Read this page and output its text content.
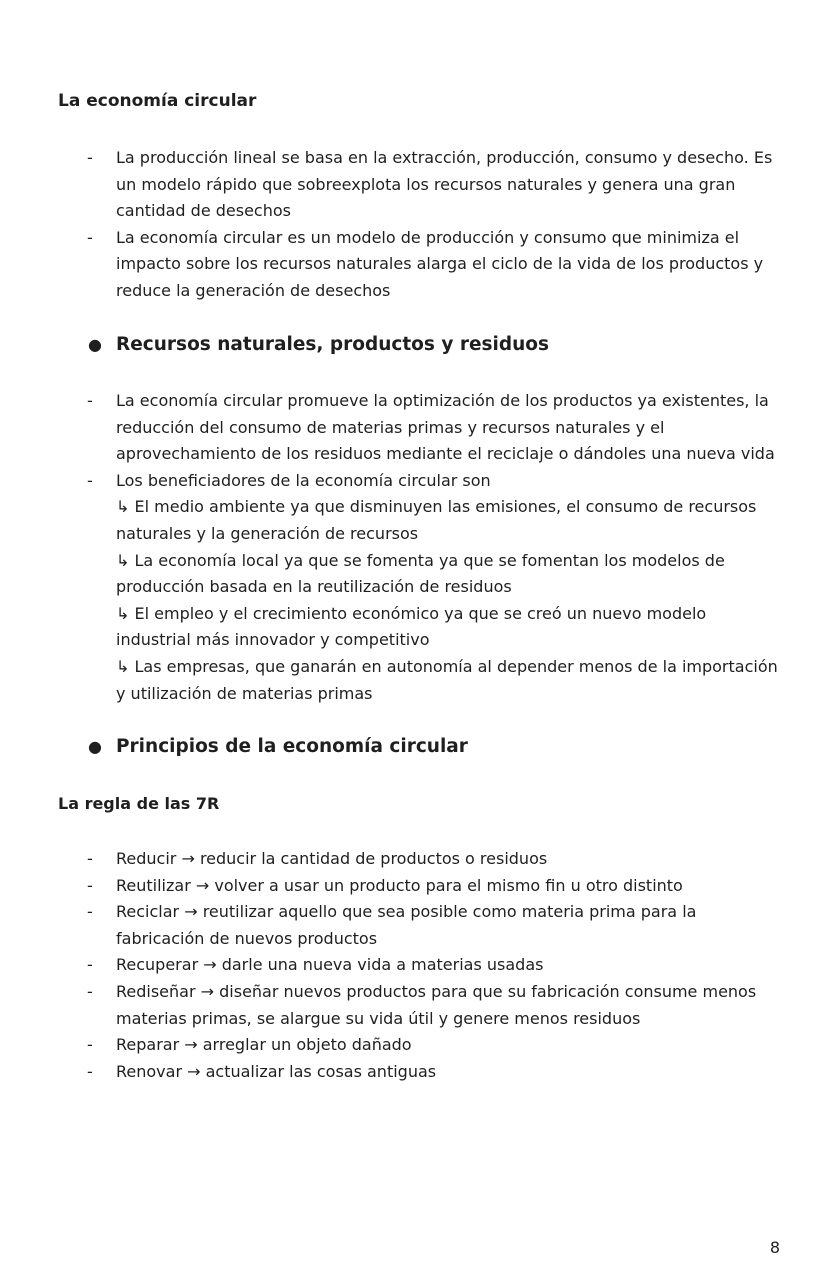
La economía circular
- La producción lineal se basa en la extracción, producción, consumo y desecho. Es un modelo rápido que sobreexplota los recursos naturales y genera una gran cantidad de desechos
- La economía circular es un modelo de producción y consumo que minimiza el impacto sobre los recursos naturales alarga el ciclo de la vida de los productos y reduce la generación de desechos
● Recursos naturales, productos y residuos
- La economía circular promueve la optimización de los productos ya existentes, la reducción del consumo de materias primas y recursos naturales y el aprovechamiento de los residuos mediante el reciclaje o dándoles una nueva vida
- Los beneficiadores de la economía circular son
↳ El medio ambiente ya que disminuyen las emisiones, el consumo de recursos naturales y la generación de recursos
↳ La economía local ya que se fomenta ya que se fomentan los modelos de producción basada en la reutilización de residuos
↳ El empleo y el crecimiento económico ya que se creó un nuevo modelo industrial más innovador y competitivo
↳ Las empresas, que ganarán en autonomía al depender menos de la importación y utilización de materias primas
● Principios de la economía circular
La regla de las 7R
- Reducir → reducir la cantidad de productos o residuos
- Reutilizar → volver a usar un producto para el mismo fin u otro distinto
- Reciclar → reutilizar aquello que sea posible como materia prima para la fabricación de nuevos productos
- Recuperar → darle una nueva vida a materias usadas
- Rediseñar → diseñar nuevos productos para que su fabricación consume menos materias primas, se alargue su vida útil y genere menos residuos
- Reparar → arreglar un objeto dañado
- Renovar → actualizar las cosas antiguas
8
